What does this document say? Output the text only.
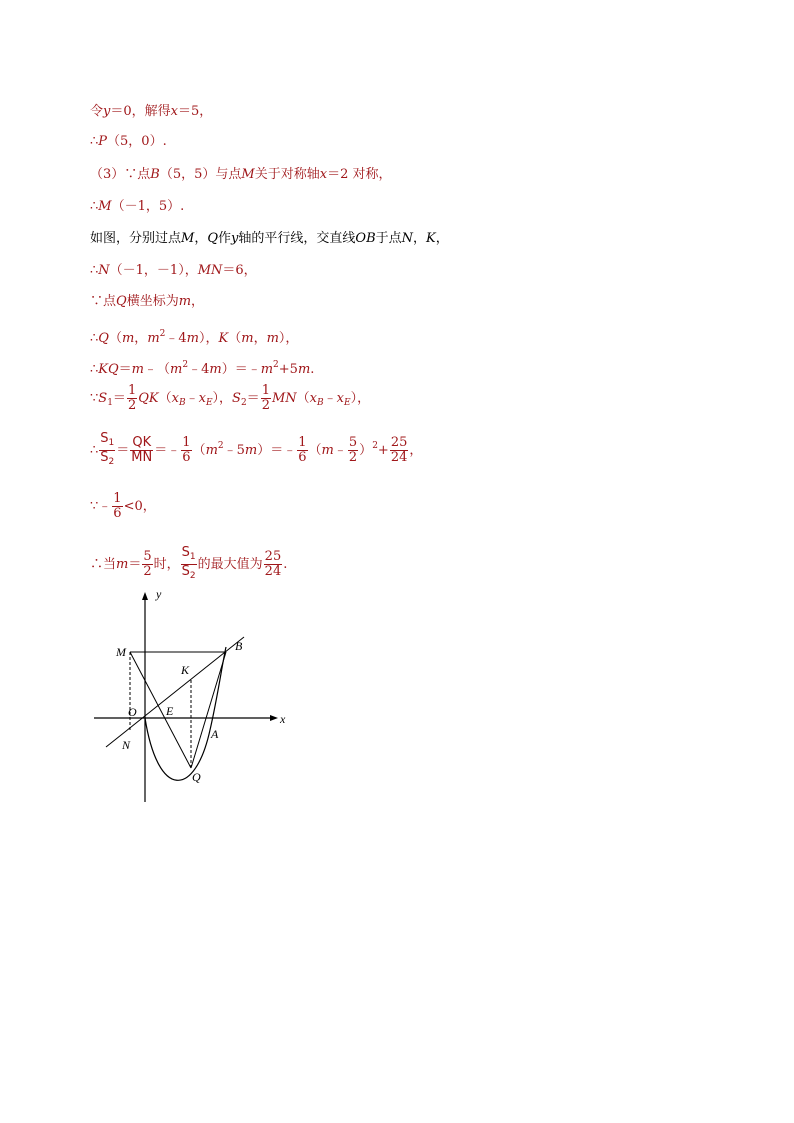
令y＝0，解得x＝5，
∴P（5，0）.
（3）∵点B（5，5）与点M关于对称轴x＝2 对称，
∴M（－1，5）.
如图，分别过点M，Q作y轴的平行线，交直线OB于点N，K，
∴N（－1，－1），MN＝6，
∵点Q横坐标为m，
∴Q（m，$m^2﹣4m$），K（m，m），
$\therefore KQ=m﹣(m^2﹣4m)=﹣m^2+5m$.
$\because S_1= \frac{1}{2}$ $QK(x_B﹣x_E)$，$S_2= \frac{1}{2}$ $MN(x_B﹣x_E)$，
∴ $\frac{S_1}{S_2} = \frac{QK}{MN}$ ＝﹣ $\frac{1}{6}$ $(m^2﹣5m)=﹣ \frac{1}{6}$ （m﹣ $\frac{5}{2} )^2+ \frac{25}{24}$ ，
∵﹣ $\frac{1}{6} <0$，
∴当$m= \frac{5}{2}$ 时， $\frac{S_1}{S_2}$ 的最大值为 $\frac{25}{24}$ .
y
x
M	B
K
O E
N
A
Q
